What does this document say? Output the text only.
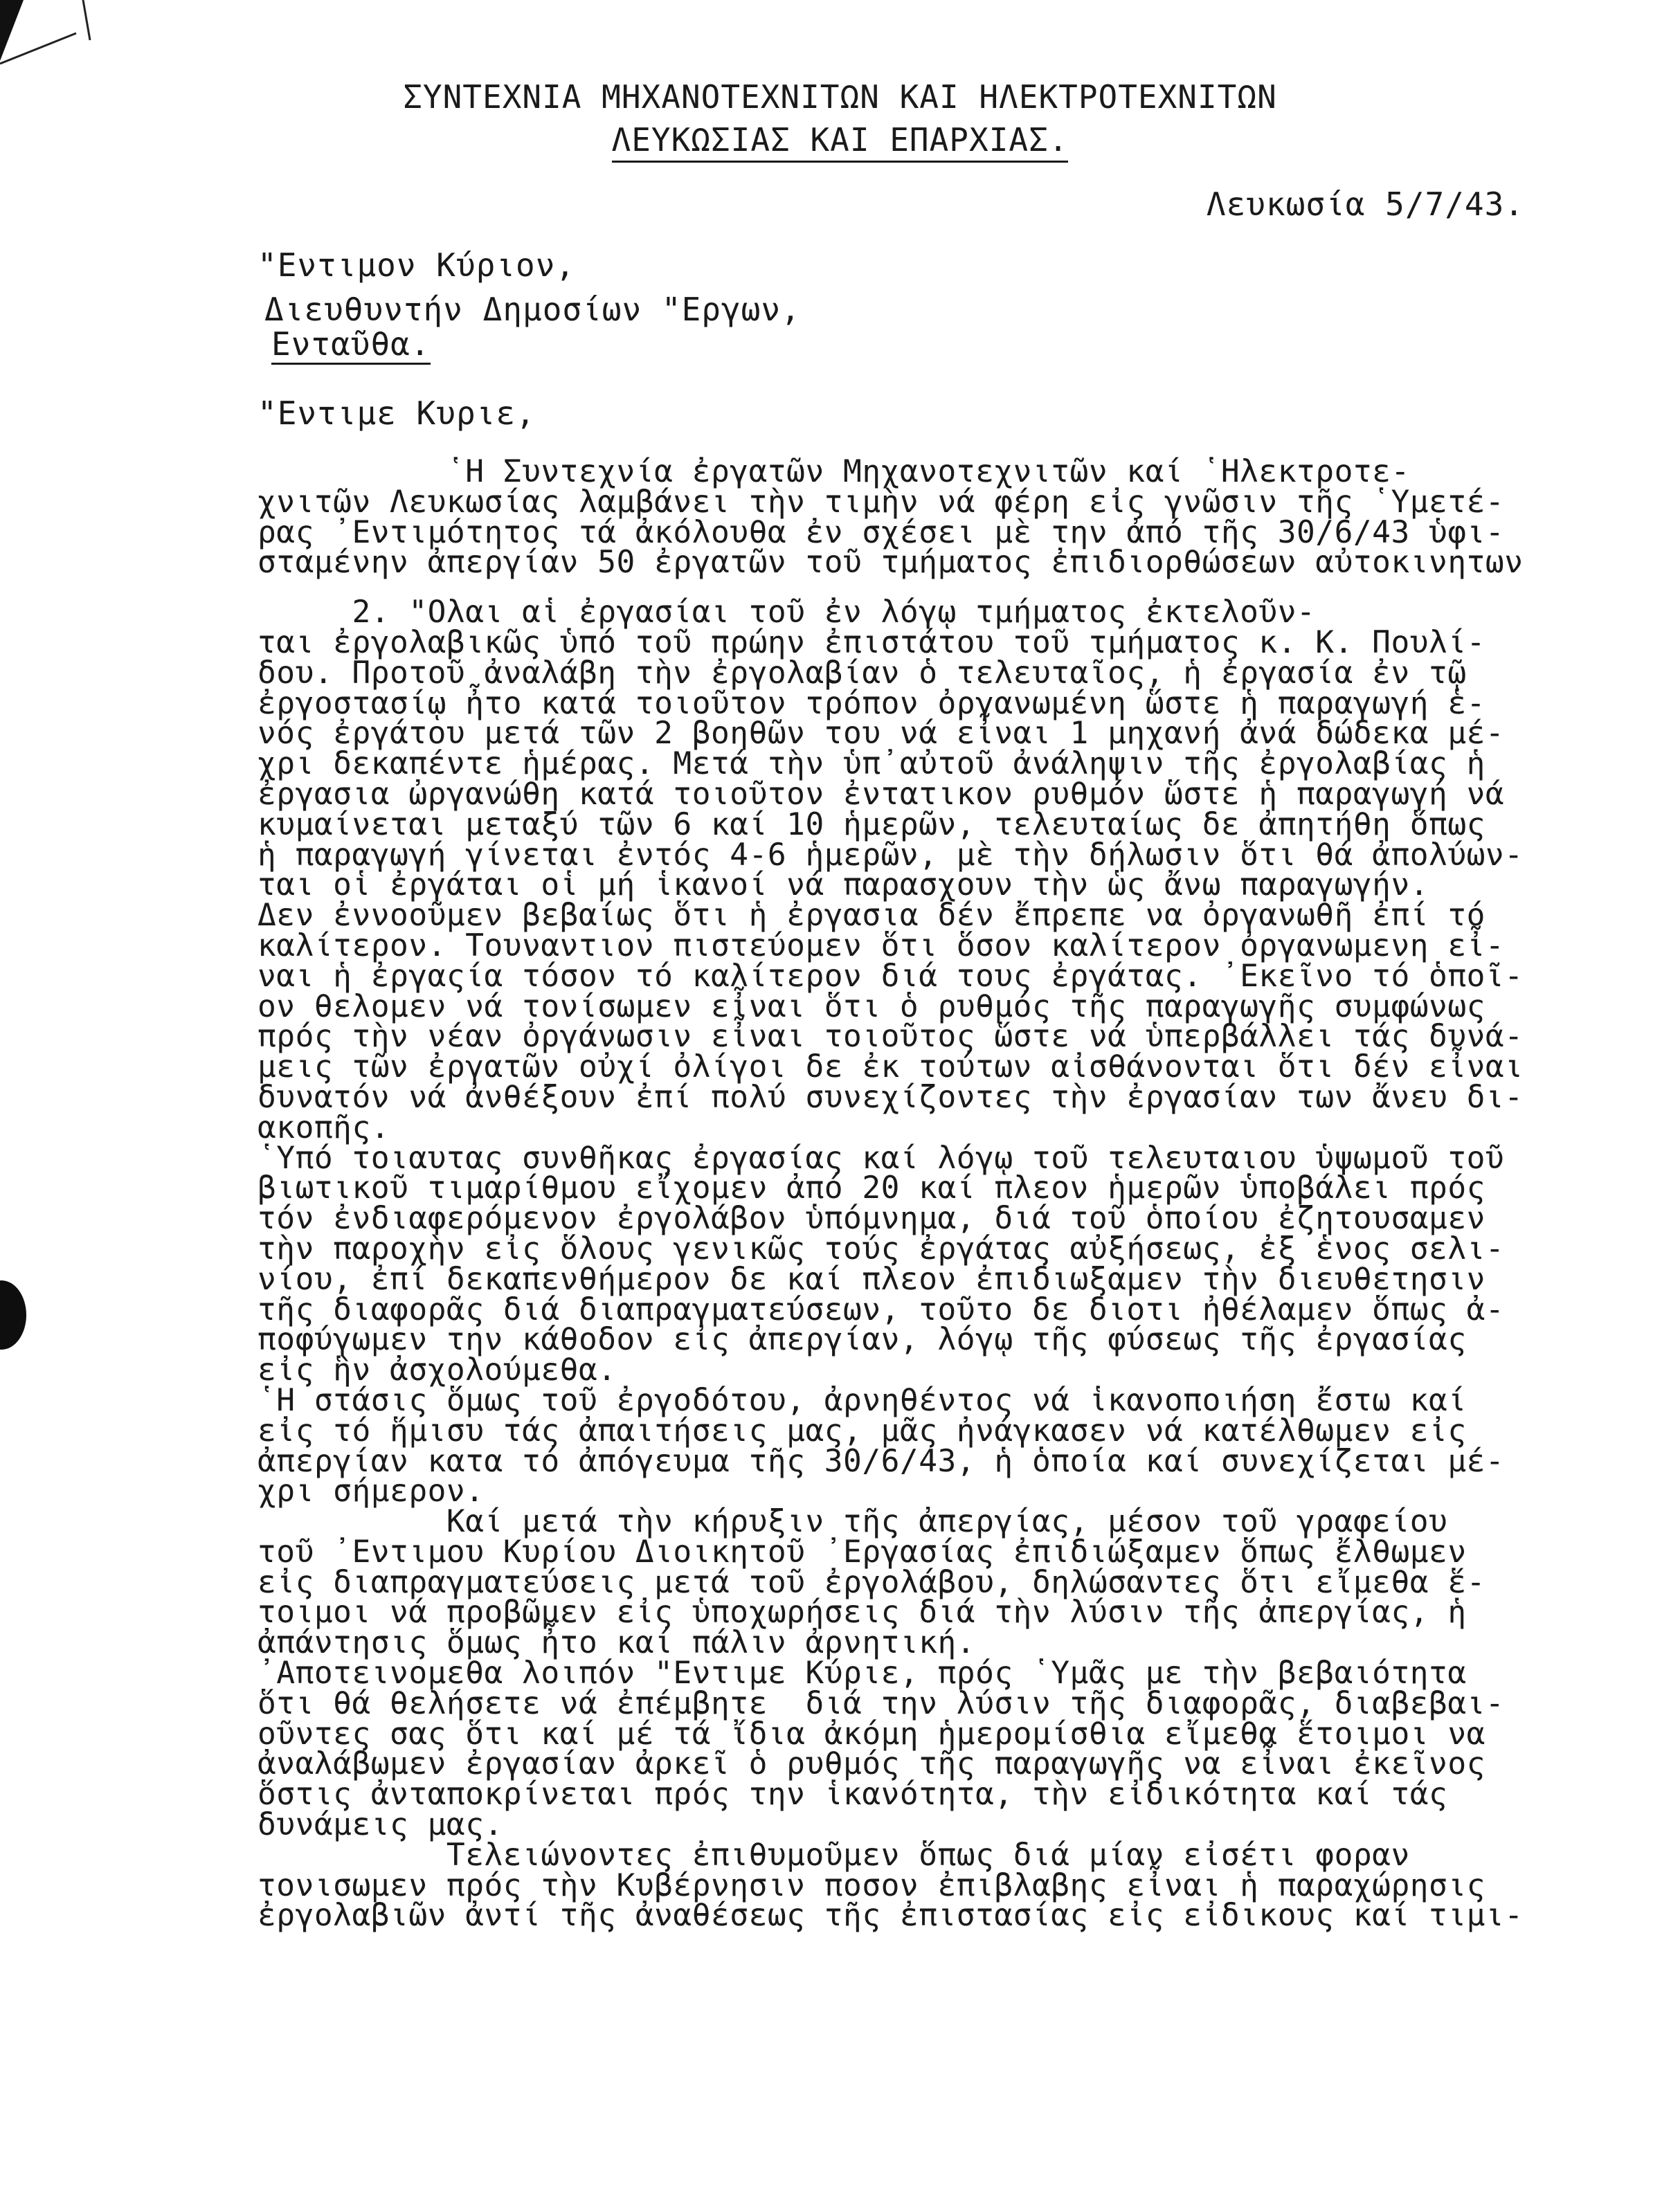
ΣΥΝΤΕΧΝΙΑ ΜΗΧΑΝΟΤΕΧΝΙΤΩΝ ΚΑΙ ΗΛΕΚΤΡΟΤΕΧΝΙΤΩΝ
ΛΕΥΚΩΣΙΑΣ ΚΑΙ ΕΠΑΡΧΙΑΣ.
Λευκωσία 5/7/43.
"Εντιμον Κύριον,
Διευθυντήν Δημοσίων "Εργων,
Ενταῦθα.
"Εντιμε Κυριε,
῾Η Συντεχνία ἐργατῶν Μηχανοτεχνιτῶν καί ῾Ηλεκτροτε-
χνιτῶν Λευκωσίας λαμβάνει τὴν τιμὴν νά φέρη εἰς γνῶσιν τῆς ῾Υμετέ-
ρας ᾿Εντιμότητος τά ἀκόλουθα ἐν σχέσει μὲ την ἀπό τῆς 30/6/43 ὑφι-
σταμένην ἀπεργίαν 50 ἐργατῶν τοῦ τμήματος ἐπιδιορθώσεων αὐτοκινητων
2. "Ολαι αἱ ἐργασίαι τοῦ ἐν λόγῳ τμήματος ἐκτελοῦν-
ται ἐργολαβικῶς ὑπό τοῦ πρώην ἐπιστάτου τοῦ τμήματος κ. Κ. Πουλί-
δου. Προτοῦ ἀναλάβη τὴν ἐργολαβίαν ὁ τελευταῖος, ἡ ἐργασία ἐν τῷ
ἐργοστασίῳ ἦτο κατά τοιοῦτον τρόπον ὀργανωμένη ὥστε ἡ παραγωγή ἑ-
νός ἐργάτου μετά τῶν 2 βοηθῶν του νά εἶναι 1 μηχανή ἀνά δώδεκα μέ-
χρι δεκαπέντε ἡμέρας. Μετά τὴν ὑπ᾿αὐτοῦ ἀνάληψιν τῆς ἐργολαβίας ἡ
ἐργασια ὠργανώθη κατά τοιοῦτον ἐντατικον ρυθμόν ὥστε ἡ παραγωγή νά
κυμαίνεται μεταξύ τῶν 6 καί 10 ἡμερῶν, τελευταίως δε ἀπητήθη ὅπως
ἡ παραγωγή γίνεται ἐντός 4-6 ἡμερῶν, μὲ τὴν δήλωσιν ὅτι θά ἀπολύων-
ται οἱ ἐργάται οἱ μή ἱκανοί νά παρασχουν τὴν ὡς ἄνω παραγωγήν.
Δεν ἐννοοῦμεν βεβαίως ὅτι ἡ ἐργασια δέν ἔπρεπε να ὀργανωθῆ ἐπί τό
καλίτερον. Τουναντιον πιστεύομεν ὅτι ὅσον καλίτερον ὀργανωμενη εἶ-
ναι ἡ ἐργαςία τόσον τό καλίτερον διά τους ἐργάτας. ᾿Εκεῖνο τό ὁποῖ-
ον θελομεν νά τονίσωμεν εἶναι ὅτι ὁ ρυθμός τῆς παραγωγῆς συμφώνως
πρός τὴν νέαν ὀργάνωσιν εἶναι τοιοῦτος ὥστε νά ὑπερβάλλει τάς δυνά-
μεις τῶν ἐργατῶν οὐχί ὀλίγοι δε ἐκ τούτων αἰσθάνονται ὅτι δέν εἶναι
δυνατόν νά ἀνθέξουν ἐπί πολύ συνεχίζοντες τὴν ἐργασίαν των ἄνευ δι-
ακοπῆς.
῾Υπό τοιαυτας συνθῆκας ἐργασίας καί λόγῳ τοῦ τελευταιου ὑψωμοῦ τοῦ
βιωτικοῦ τιμαρίθμου εἴχομεν ἀπό 20 καί πλεον ἡμερῶν ὑποβάλει πρός
τόν ἐνδιαφερόμενον ἐργολάβον ὑπόμνημα, διά τοῦ ὁποίου ἐζητουσαμεν
τὴν παροχὴν εἰς ὅλους γενικῶς τούς ἐργάτας αὐξήσεως, ἐξ ἑνος σελι-
νίου, ἐπί δεκαπενθήμερον δε καί πλεον ἐπιδιωξαμεν τὴν διευθετησιν
τῆς διαφορᾶς διά διαπραγματεύσεων, τοῦτο δε διοτι ἠθέλαμεν ὅπως ἀ-
ποφύγωμεν την κάθοδον εἰς ἀπεργίαν, λόγῳ τῆς φύσεως τῆς ἐργασίας
εἰς ἣν ἀσχολούμεθα.
῾Η στάσις ὅμως τοῦ ἐργοδότου, ἀρνηθέντος νά ἱκανοποιήση ἔστω καί
εἰς τό ἥμισυ τάς ἀπαιτήσεις μας, μᾶς ἠνάγκασεν νά κατέλθωμεν εἰς
ἀπεργίαν κατα τό ἀπόγευμα τῆς 30/6/43, ἡ ὁποία καί συνεχίζεται μέ-
χρι σήμερον.
Καί μετά τὴν κήρυξιν τῆς ἀπεργίας, μέσον τοῦ γραφείου
τοῦ ᾿Εντιμου Κυρίου Διοικητοῦ ᾿Εργασίας ἐπιδιώξαμεν ὅπως ἔλθωμεν
εἰς διαπραγματεύσεις μετά τοῦ ἐργολάβου, δηλώσαντες ὅτι εἴμεθα ἕ-
τοιμοι νά προβῶμεν εἰς ὑποχωρήσεις διά τὴν λύσιν τῆς ἀπεργίας, ἡ
ἀπάντησις ὅμως ἦτο καί πάλιν ἀρνητική.
᾿Αποτεινομεθα λοιπόν "Εντιμε Κύριε, πρός ῾Υμᾶς με τὴν βεβαιότητα
ὅτι θά θελήσετε νά ἐπέμβητε  διά την λύσιν τῆς διαφορᾶς, διαβεβαι-
οῦντες σας ὅτι καί μέ τά ἴδια ἀκόμη ἡμερομίσθια εἴμεθα ἕτοιμοι να
ἀναλάβωμεν ἐργασίαν ἀρκεῖ ὁ ρυθμός τῆς παραγωγῆς να εἶναι ἐκεῖνος
ὅστις ἀνταποκρίνεται πρός την ἱκανότητα, τὴν εἰδικότητα καί τάς
δυνάμεις μας.
Τελειώνοντες ἐπιθυμοῦμεν ὅπως διά μίαν εἰσέτι φοραν
τονισωμεν πρός τὴν Κυβέρνησιν ποσον ἐπιβλαβης εἶναι ἡ παραχώρησις
ἐργολαβιῶν ἀντί τῆς ἀναθέσεως τῆς ἐπιστασίας εἰς εἰδικους καί τιμι-
